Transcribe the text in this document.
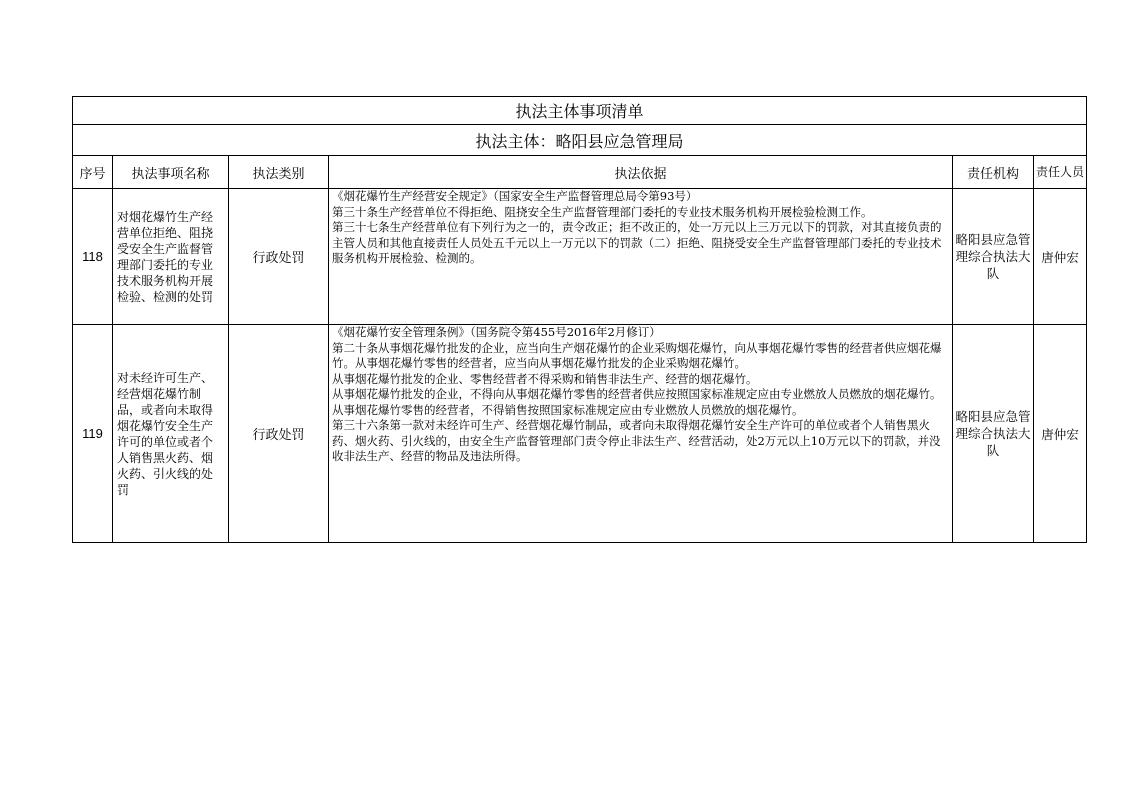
执法主体事项清单					
执法主体：略阳县应急管理局					
序号	执法事项名称	执法类别	执法依据	责任机构	责任人员
118	对烟花爆竹生产经营单位拒绝、阻挠受安全生产监督管理部门委托的专业技术服务机构开展检验、检测的处罚	行政处罚	《烟花爆竹生产经营安全规定》（国家安全生产监督管理总局令第93号）

第三十条生产经营单位不得拒绝、阻挠安全生产监督管理部门委托的专业技术服务机构开展检验检测工作。

第三十七条生产经营单位有下列行为之一的，责令改正；拒不改正的，处一万元以上三万元以下的罚款，对其直接负责的主管人员和其他直接责任人员处五千元以上一万元以下的罚款（二）拒绝、阻挠受安全生产监督管理部门委托的专业技术服务机构开展检验、检测的。	略阳县应急管理综合执法大队	唐仲宏
119	对未经许可生产、经营烟花爆竹制品，或者向未取得烟花爆竹安全生产许可的单位或者个人销售黑火药、烟火药、引火线的处罚	行政处罚	《烟花爆竹安全管理条例》（国务院令第455号2016年2月修订）

第二十条从事烟花爆竹批发的企业，应当向生产烟花爆竹的企业采购烟花爆竹，向从事烟花爆竹零售的经营者供应烟花爆竹。从事烟花爆竹零售的经营者，应当向从事烟花爆竹批发的企业采购烟花爆竹。

从事烟花爆竹批发的企业、零售经营者不得采购和销售非法生产、经营的烟花爆竹。

从事烟花爆竹批发的企业，不得向从事烟花爆竹零售的经营者供应按照国家标准规定应由专业燃放人员燃放的烟花爆竹。从事烟花爆竹零售的经营者，不得销售按照国家标准规定应由专业燃放人员燃放的烟花爆竹。

第三十六条第一款对未经许可生产、经营烟花爆竹制品，或者向未取得烟花爆竹安全生产许可的单位或者个人销售黑火药、烟火药、引火线的，由安全生产监督管理部门责令停止非法生产、经营活动，处2万元以上10万元以下的罚款，并没收非法生产、经营的物品及违法所得。	略阳县应急管理综合执法大队	唐仲宏
